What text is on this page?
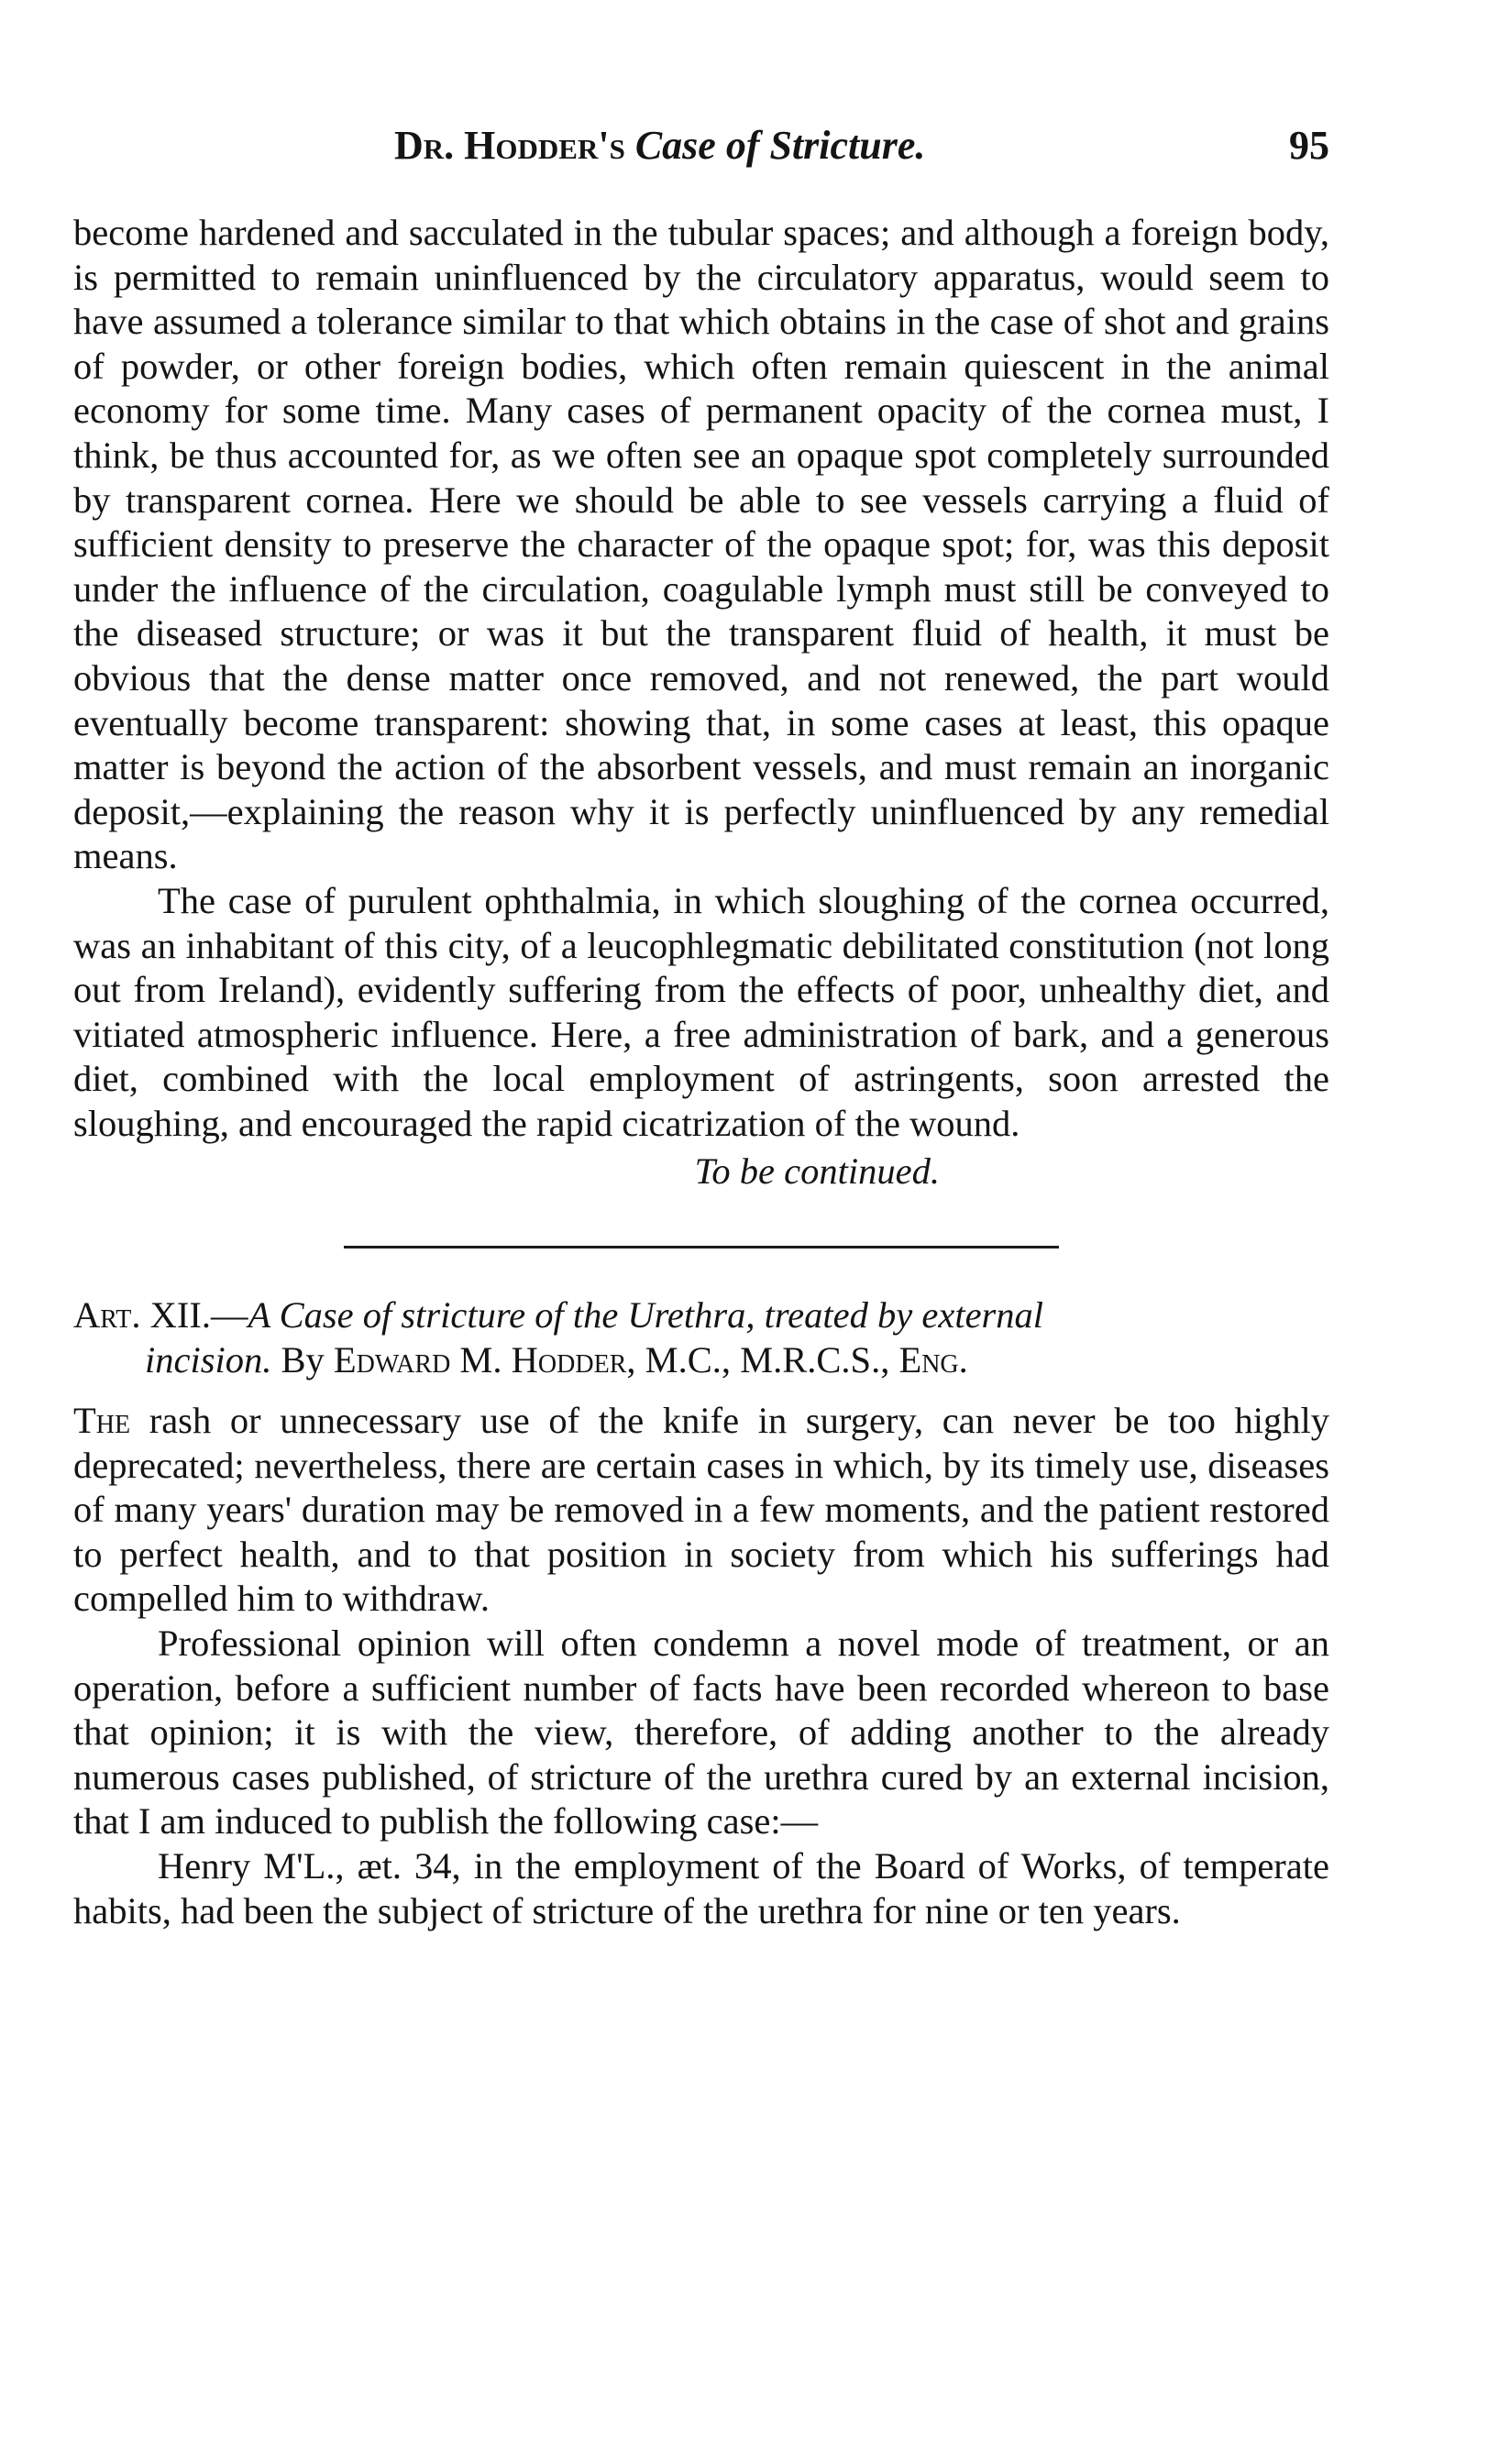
Dr. Hodder's Case of Stricture.	95

become hardened and sacculated in the tubular spaces; and although a foreign body, is permitted to remain uninfluenced by the circulatory apparatus, would seem to have assumed a tolerance similar to that which obtains in the case of shot and grains of powder, or other foreign bodies, which often remain quiescent in the animal economy for some time. Many cases of permanent opacity of the cornea must, I think, be thus accounted for, as we often see an opaque spot completely surrounded by transparent cornea. Here we should be able to see vessels carrying a fluid of sufficient density to preserve the character of the opaque spot; for, was this deposit under the influence of the circulation, coagulable lymph must still be conveyed to the diseased structure; or was it but the transparent fluid of health, it must be obvious that the dense matter once removed, and not renewed, the part would eventually become transparent: showing that, in some cases at least, this opaque matter is beyond the action of the absorbent vessels, and must remain an inorganic deposit,—explaining the reason why it is perfectly uninfluenced by any remedial means.

The case of purulent ophthalmia, in which sloughing of the cornea occurred, was an inhabitant of this city, of a leucophlegmatic debilitated constitution (not long out from Ireland), evidently suffering from the effects of poor, unhealthy diet, and vitiated atmospheric influence. Here, a free administration of bark, and a generous diet, combined with the local employment of astringents, soon arrested the sloughing, and encouraged the rapid cicatrization of the wound.

To be continued.

Art. XII.—A Case of stricture of the Urethra, treated by external
incision. By Edward M. Hodder, M.C., M.R.C.S., Eng.

The rash or unnecessary use of the knife in surgery, can never be too highly deprecated; nevertheless, there are certain cases in which, by its timely use, diseases of many years' duration may be removed in a few moments, and the patient restored to perfect health, and to that position in society from which his sufferings had compelled him to withdraw.

Professional opinion will often condemn a novel mode of treatment, or an operation, before a sufficient number of facts have been recorded whereon to base that opinion; it is with the view, therefore, of adding another to the already numerous cases published, of stricture of the urethra cured by an external incision, that I am induced to publish the following case:—

Henry M'L., æt. 34, in the employment of the Board of Works, of temperate habits, had been the subject of stricture of the urethra for nine or ten years.
